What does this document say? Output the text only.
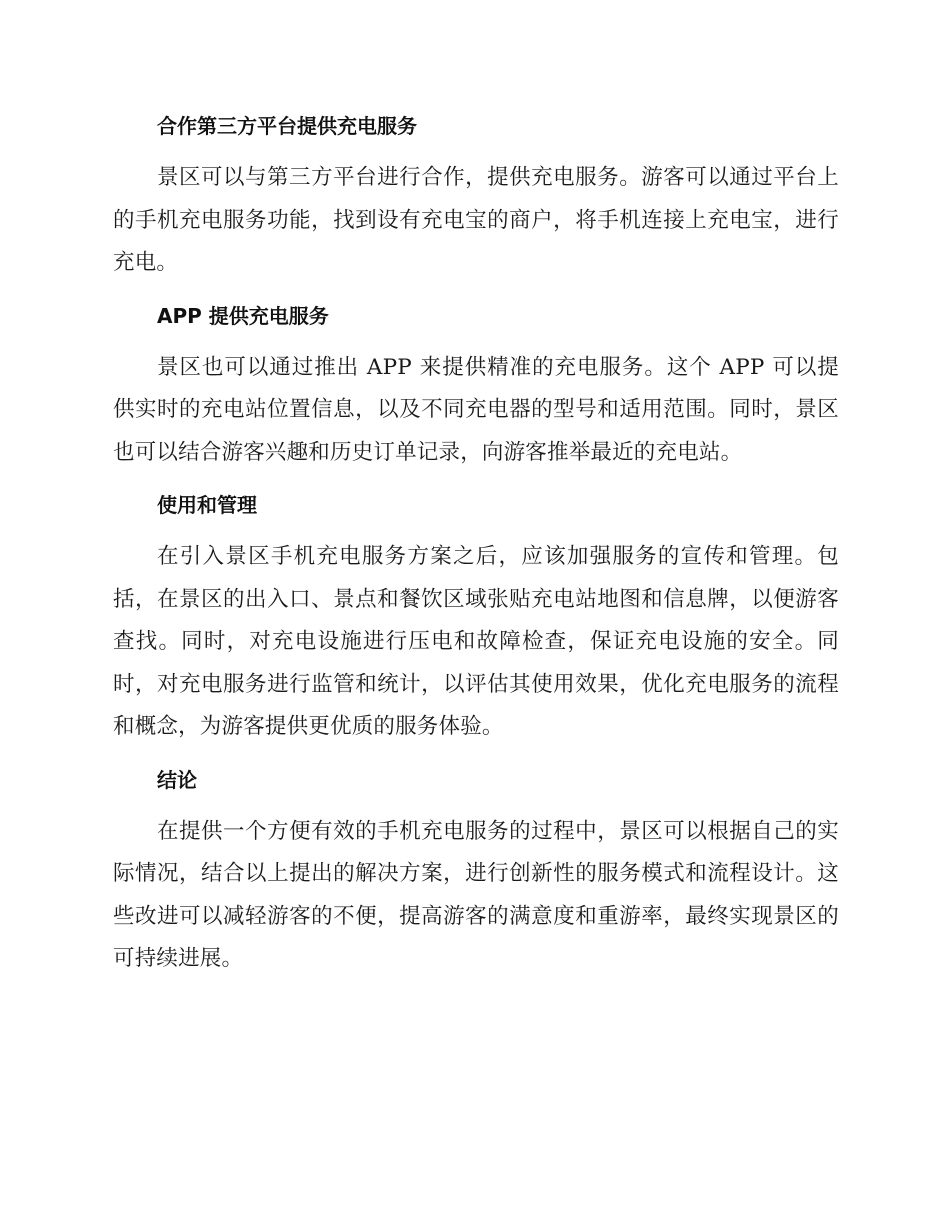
合作第三方平台提供充电服务

景区可以与第三方平台进行合作，提供充电服务。游客可以通过平台上的手机充电服务功能，找到设有充电宝的商户，将手机连接上充电宝，进行充电。

APP 提供充电服务

景区也可以通过推出 APP 来提供精准的充电服务。这个 APP 可以提供实时的充电站位置信息，以及不同充电器的型号和适用范围。同时，景区也可以结合游客兴趣和历史订单记录，向游客推举最近的充电站。

使用和管理

在引入景区手机充电服务方案之后，应该加强服务的宣传和管理。包括，在景区的出入口、景点和餐饮区域张贴充电站地图和信息牌，以便游客查找。同时，对充电设施进行压电和故障检查，保证充电设施的安全。同时，对充电服务进行监管和统计，以评估其使用效果，优化充电服务的流程和概念，为游客提供更优质的服务体验。

结论

在提供一个方便有效的手机充电服务的过程中，景区可以根据自己的实际情况，结合以上提出的解决方案，进行创新性的服务模式和流程设计。这些改进可以减轻游客的不便，提高游客的满意度和重游率，最终实现景区的可持续进展。
